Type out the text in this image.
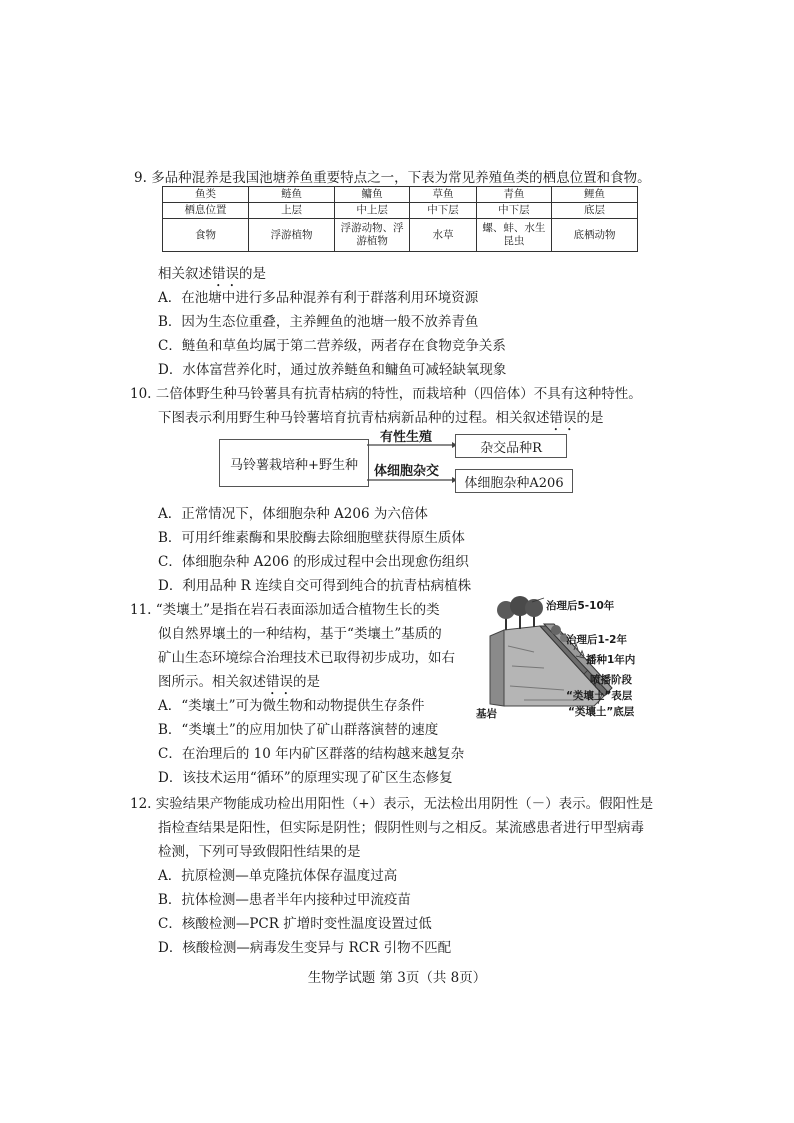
9. 多品种混养是我国池塘养鱼重要特点之一，下表为常见养殖鱼类的栖息位置和食物。
鱼类	鲢鱼	鳙鱼	草鱼	青鱼	鲤鱼
栖息位置	上层	中上层	中下层	中下层	底层
食物	浮游植物	浮游动物、浮游植物	水草	螺、蚌、水生昆虫	底栖动物
相关叙述错误的是
A．在池塘中进行多品种混养有利于群落利用环境资源
B．因为生态位重叠，主养鲤鱼的池塘一般不放养青鱼
C．鲢鱼和草鱼均属于第二营养级，两者存在食物竞争关系
D．水体富营养化时，通过放养鲢鱼和鳙鱼可减轻缺氧现象
10. 二倍体野生种马铃薯具有抗青枯病的特性，而栽培种（四倍体）不具有这种特性。
下图表示利用野生种马铃薯培育抗青枯病新品种的过程。相关叙述错误的是
马铃薯栽培种+野生种
有性生殖
体细胞杂交
杂交品种R
体细胞杂种A206
A．正常情况下，体细胞杂种 A206 为六倍体
B．可用纤维素酶和果胶酶去除细胞壁获得原生质体
C．体细胞杂种 A206 的形成过程中会出现愈伤组织
D．利用品种 R 连续自交可得到纯合的抗青枯病植株
11. “类壤土”是指在岩石表面添加适合植物生长的类
似自然界壤土的一种结构，基于“类壤土”基质的
矿山生态环境综合治理技术已取得初步成功，如右
图所示。相关叙述错误的是
A．“类壤土”可为微生物和动物提供生存条件
B．“类壤土”的应用加快了矿山群落演替的速度
C．在治理后的 10 年内矿区群落的结构越来越复杂
D．该技术运用“循环”的原理实现了矿区生态修复
治理后5-10年
治理后1-2年
播种1年内
喷播阶段
“类壤土”表层
“类壤土”底层
基岩
12. 实验结果产物能成功检出用阳性（+）表示，无法检出用阴性（－）表示。假阳性是
指检查结果是阳性，但实际是阴性；假阴性则与之相反。某流感患者进行甲型病毒
检测，下列可导致假阳性结果的是
A．抗原检测—单克隆抗体保存温度过高
B．抗体检测—患者半年内接种过甲流疫苗
C．核酸检测—PCR 扩增时变性温度设置过低
D．核酸检测—病毒发生变异与 RCR 引物不匹配
生物学试题 第 3页（共 8页）
